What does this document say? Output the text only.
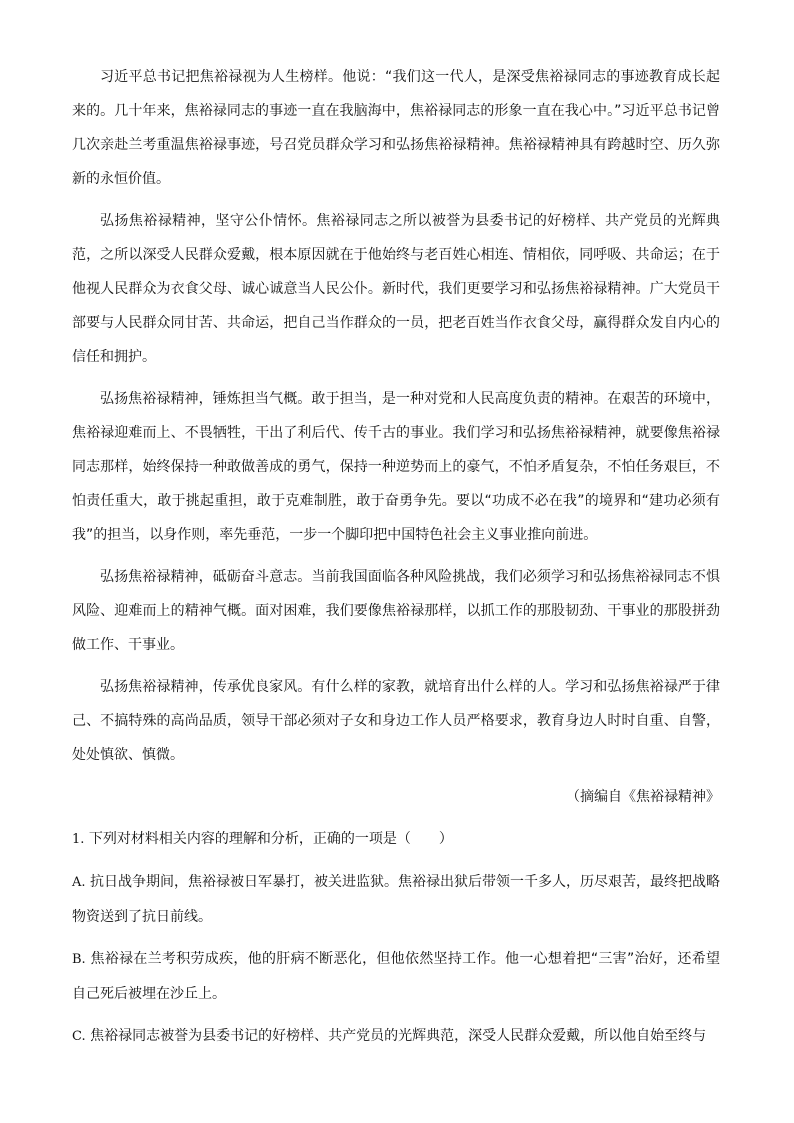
习近平总书记把焦裕禄视为人生榜样。他说：“我们这一代人，是深受焦裕禄同志的事迹教育成长起来的。几十年来，焦裕禄同志的事迹一直在我脑海中，焦裕禄同志的形象一直在我心中。”习近平总书记曾几次亲赴兰考重温焦裕禄事迹，号召党员群众学习和弘扬焦裕禄精神。焦裕禄精神具有跨越时空、历久弥新的永恒价值。

弘扬焦裕禄精神，坚守公仆情怀。焦裕禄同志之所以被誉为县委书记的好榜样、共产党员的光辉典范，之所以深受人民群众爱戴，根本原因就在于他始终与老百姓心相连、情相依，同呼吸、共命运；在于他视人民群众为衣食父母、诚心诚意当人民公仆。新时代，我们更要学习和弘扬焦裕禄精神。广大党员干部要与人民群众同甘苦、共命运，把自己当作群众的一员，把老百姓当作衣食父母，赢得群众发自内心的信任和拥护。

弘扬焦裕禄精神，锤炼担当气概。敢于担当，是一种对党和人民高度负责的精神。在艰苦的环境中，焦裕禄迎难而上、不畏牺牲，干出了利后代、传千古的事业。我们学习和弘扬焦裕禄精神，就要像焦裕禄同志那样，始终保持一种敢做善成的勇气，保持一种逆势而上的豪气，不怕矛盾复杂，不怕任务艰巨，不怕责任重大，敢于挑起重担，敢于克难制胜，敢于奋勇争先。要以“功成不必在我”的境界和“建功必须有我”的担当，以身作则，率先垂范，一步一个脚印把中国特色社会主义事业推向前进。

弘扬焦裕禄精神，砥砺奋斗意志。当前我国面临各种风险挑战，我们必须学习和弘扬焦裕禄同志不惧风险、迎难而上的精神气概。面对困难，我们要像焦裕禄那样，以抓工作的那股韧劲、干事业的那股拼劲做工作、干事业。

弘扬焦裕禄精神，传承优良家风。有什么样的家教，就培育出什么样的人。学习和弘扬焦裕禄严于律己、不搞特殊的高尚品质，领导干部必须对子女和身边工作人员严格要求，教育身边人时时自重、自警，处处慎欲、慎微。

（摘编自《焦裕禄精神》
1. 下列对材料相关内容的理解和分析，正确的一项是（　　）
A. 抗日战争期间，焦裕禄被日军暴打，被关进监狱。焦裕禄出狱后带领一千多人，历尽艰苦，最终把战略物资送到了抗日前线。
B. 焦裕禄在兰考积劳成疾，他的肝病不断恶化，但他依然坚持工作。他一心想着把“三害”治好，还希望自己死后被埋在沙丘上。
C. 焦裕禄同志被誉为县委书记的好榜样、共产党员的光辉典范，深受人民群众爱戴，所以他自始至终与
